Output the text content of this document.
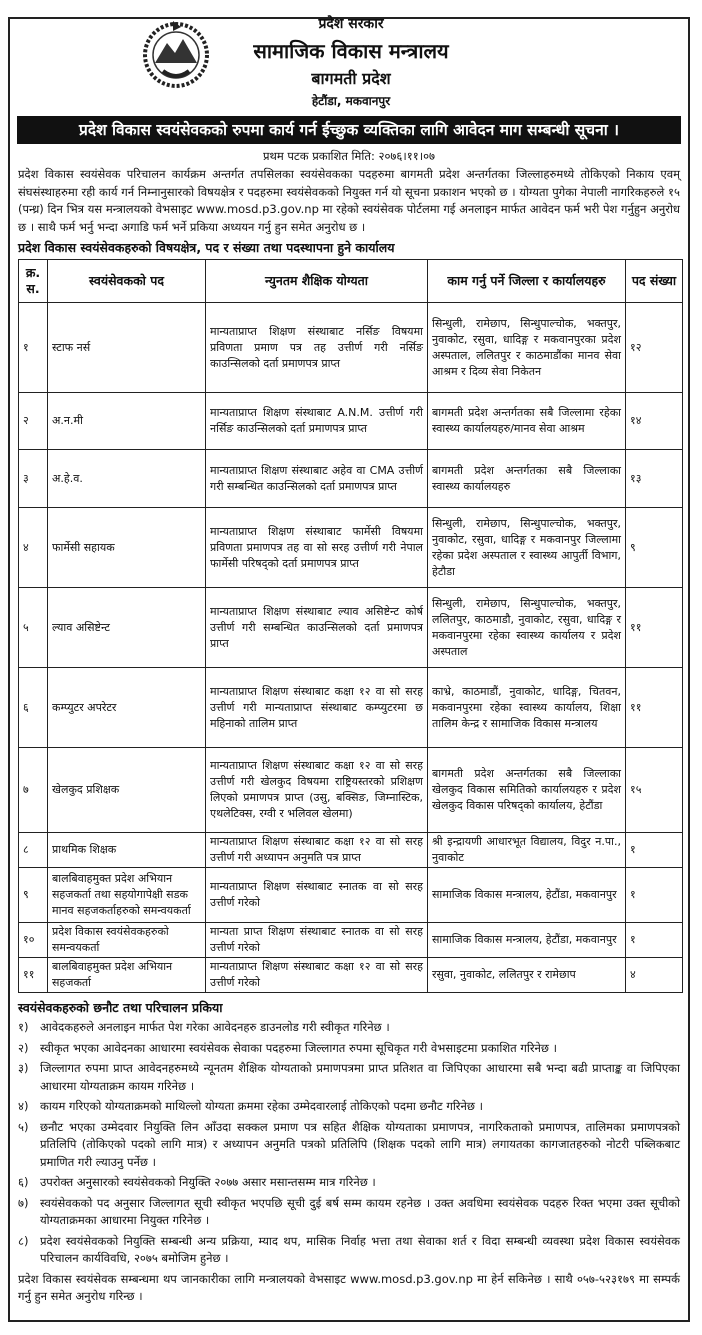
प्रदेश सरकार
सामाजिक विकास मन्त्रालय
बागमती प्रदेश
हेटौंडा, मकवानपुर
प्रदेश विकास स्वयंसेवकको रुपमा कार्य गर्न ईच्छुक व्यक्तिका लागि आवेदन माग सम्बन्धी सूचना ।
प्रथम पटक प्रकाशित मिति: २०७६।११।०७
प्रदेश विकास स्वयंसेवक परिचालन कार्यक्रम अन्तर्गत तपसिलका स्वयंसेवकका पदहरुमा बागमती प्रदेश अन्तर्गतका जिल्लाहरुमध्ये तोकिएको निकाय एवम् संघसंस्थाहरुमा रही कार्य गर्न निम्नानुसारको विषयक्षेत्र र पदहरुमा स्वयंसेवकको नियुक्त गर्न यो सूचना प्रकाशन भएको छ । योग्यता पुगेका नेपाली नागरिकहरुले १५ (पन्ध्र) दिन भित्र यस मन्त्रालयको वेभसाइट www.mosd.p3.gov.np मा रहेको स्वयंसेवक पोर्टलमा गई अनलाइन मार्फत आवेदन फर्म भरी पेश गर्नुहुन अनुरोध छ । साथै फर्म भर्नु भन्दा अगाडि फर्म भर्ने प्रकिया अध्ययन गर्नु हुन समेत अनुरोध छ ।
प्रदेश विकास स्वयंसेवकहरुको विषयक्षेत्र, पद र संख्या तथा पदस्थापना हुने कार्यालय
क्र. स.	स्वयंसेवकको पद	न्युनतम शैक्षिक योग्यता	काम गर्नु पर्ने जिल्ला र कार्यालयहरु	पद संख्या
१	स्टाफ नर्स	मान्यताप्राप्त शिक्षण संस्थाबाट नर्सिङ विषयमा प्रविणता प्रमाण पत्र तह उत्तीर्ण गरी नर्सिङ काउन्सिलको दर्ता प्रमाणपत्र प्राप्त	सिन्धुली, रामेछाप, सिन्धुपाल्चोक, भक्तपुर, नुवाकोट, रसुवा, धादिङ्ग र मकवानपुरका प्रदेश अस्पताल, ललितपुर र काठमाडौंका मानव सेवा आश्रम र दिव्य सेवा निकेतन	१२
२	अ.न.मी	मान्यताप्राप्त शिक्षण संस्थाबाट A.N.M. उत्तीर्ण गरी नर्सिङ काउन्सिलको दर्ता प्रमाणपत्र प्राप्त	बागमती प्रदेश अन्तर्गतका सबै जिल्लामा रहेका स्वास्थ्य कार्यालयहरु/मानव सेवा आश्रम	१४
३	अ.हे.व.	मान्यताप्राप्त शिक्षण संस्थाबाट अहेव वा CMA उत्तीर्ण गरी सम्बन्धित काउन्सिलको दर्ता प्रमाणपत्र प्राप्त	बागमती प्रदेश अन्तर्गतका सबै जिल्लाका स्वास्थ्य कार्यालयहरु	१३
४	फार्मेसी सहायक	मान्यताप्राप्त शिक्षण संस्थाबाट फार्मेसी विषयमा प्रविणता प्रमाणपत्र तह वा सो सरह उत्तीर्ण गरी नेपाल फार्मेसी परिषद्को दर्ता प्रमाणपत्र प्राप्त	सिन्धुली, रामेछाप, सिन्धुपाल्चोक, भक्तपुर, नुवाकोट, रसुवा, धादिङ्ग र मकवानपुर जिल्लामा रहेका प्रदेश अस्पताल र स्वास्थ्य आपुर्ती विभाग, हेटौडा	९
५	ल्याव असिष्टेन्ट	मान्यताप्राप्त शिक्षण संस्थाबाट ल्याव असिष्टेन्ट कोर्ष उत्तीर्ण गरी सम्बन्धित काउन्सिलको दर्ता प्रमाणपत्र प्राप्त	सिन्धुली, रामेछाप, सिन्धुपाल्चोक, भक्तपुर, ललितपुर, काठमाडौ, नुवाकोट, रसुवा, धादिङ्ग र मकवानपुरमा रहेका स्वास्थ्य कार्यालय र प्रदेश अस्पताल	११
६	कम्प्युटर अपरेटर	मान्यताप्राप्त शिक्षण संस्थाबाट कक्षा १२ वा सो सरह उत्तीर्ण गरी मान्यताप्राप्त संस्थाबाट कम्प्युटरमा छ महिनाको तालिम प्राप्त	काभ्रे, काठमाडौं, नुवाकोट, धादिङ्ग, चितवन, मकवानपुरमा रहेका स्वास्थ्य कार्यालय, शिक्षा तालिम केन्द्र र सामाजिक विकास मन्त्रालय	११
७	खेलकुद प्रशिक्षक	मान्यताप्राप्त शिक्षण संस्थाबाट कक्षा १२ वा सो सरह उत्तीर्ण गरी खेलकुद विषयमा राष्ट्रियस्तरको प्रशिक्षण लिएको प्रमाणपत्र प्राप्त (उसु, बक्सिङ, जिम्नास्टिक, एथलेटिक्स, रग्वी र भलिवल खेलमा)	बागमती प्रदेश अन्तर्गतका सबै जिल्लाका खेलकुद विकास समितिको कार्यालयहरु र प्रदेश खेलकुद विकास परिषद्को कार्यालय, हेटौंडा	१५
८	प्राथमिक शिक्षक	मान्यताप्राप्त शिक्षण संस्थाबाट कक्षा १२ वा सो सरह उत्तीर्ण गरी अध्यापन अनुमति पत्र प्राप्त	श्री इन्द्रायणी आधारभूत विद्यालय, विदुर न.पा., नुवाकोट	१
९	बालबिवाहमुक्त प्रदेश अभियान सहजकर्ता तथा सहयोगापेक्षी सडक मानव सहजकर्ताहरुको समन्वयकर्ता	मान्यताप्राप्त शिक्षण संस्थाबाट स्नातक वा सो सरह उत्तीर्ण गरेको	सामाजिक विकास मन्त्रालय, हेटौंडा, मकवानपुर	१
१०	प्रदेश विकास स्वयंसेवकहरुको समन्वयकर्ता	मान्यता प्राप्त शिक्षण संस्थाबाट स्नातक वा सो सरह उत्तीर्ण गरेको	सामाजिक विकास मन्त्रालय, हेटौंडा, मकवानपुर	१
११	बालबिवाहमुक्त प्रदेश अभियान सहजकर्ता	मान्यताप्राप्त शिक्षण संस्थाबाट कक्षा १२ वा सो सरह उत्तीर्ण गरेको	रसुवा, नुवाकोट, ललितपुर र रामेछाप	४
स्वयंसेवकहरुको छनौट तथा परिचालन प्रकिया
१)	आवेदकहरुले अनलाइन मार्फत पेश गरेका आवेदनहरु डाउनलोड गरी स्वीकृत गरिनेछ ।
२)	स्वीकृत भएका आवेदनका आधारमा स्वयंसेवक सेवाका पदहरुमा जिल्लागत रुपमा सूचिकृत गरी वेभसाइटमा प्रकाशित गरिनेछ ।
३)	जिल्लागत रुपमा प्राप्त आवेदनहरुमध्ये न्यूनतम शैक्षिक योग्यताको प्रमाणपत्रमा प्राप्त प्रतिशत वा जिपिएका आधारमा सबै भन्दा बढी प्राप्ताङ्क वा जिपिएका आधारमा योग्यताक्रम कायम गरिनेछ ।
४)	कायम गरिएको योग्यताक्रमको माथिल्लो योग्यता क्रममा रहेका उम्मेदवारलाई तोकिएको पदमा छनौट गरिनेछ ।
५)	छनौट भएका उम्मेदवार नियुक्ति लिन आँउदा सक्कल प्रमाण पत्र सहित शैक्षिक योग्यताका प्रमाणपत्र, नागरिकताको प्रमाणपत्र, तालिमका प्रमाणपत्रको प्रतिलिपि (तोकिएको पदको लागि मात्र) र अध्यापन अनुमति पत्रको प्रतिलिपि (शिक्षक पदको लागि मात्र) लगायतका कागजातहरुको नोटरी पब्लिकबाट प्रमाणित गरी ल्याउनु पर्नेछ ।
६)	उपरोक्त अनुसारको स्वयंसेवकको नियुक्ति २०७७ असार मसान्तसम्म मात्र गरिनेछ ।
७)	स्वयंसेवकको पद अनुसार जिल्लागत सूची स्वीकृत भएपछि सूची दुई बर्ष सम्म कायम रहनेछ । उक्त अवधिमा स्वयंसेवक पदहरु रिक्त भएमा उक्त सूचीको योग्यताक्रमका आधारमा नियुक्त गरिनेछ ।
८)	प्रदेश स्वयंसेवकको नियुक्ति सम्बन्धी अन्य प्रक्रिया, म्याद थप, मासिक निर्वाह भत्ता तथा सेवाका शर्त र विदा सम्बन्धी व्यवस्था प्रदेश विकास स्वयंसेवक परिचालन कार्यविवधि, २०७५ बमोजिम हुनेछ ।
प्रदेश विकास स्वयंसेवक सम्बन्धमा थप जानकारीका लागि मन्त्रालयको वेभसाइट www.mosd.p3.gov.np मा हेर्न सकिनेछ । साथै ०५७-५२३१७९ मा सम्पर्क गर्नु हुन समेत अनुरोध गरिन्छ ।
